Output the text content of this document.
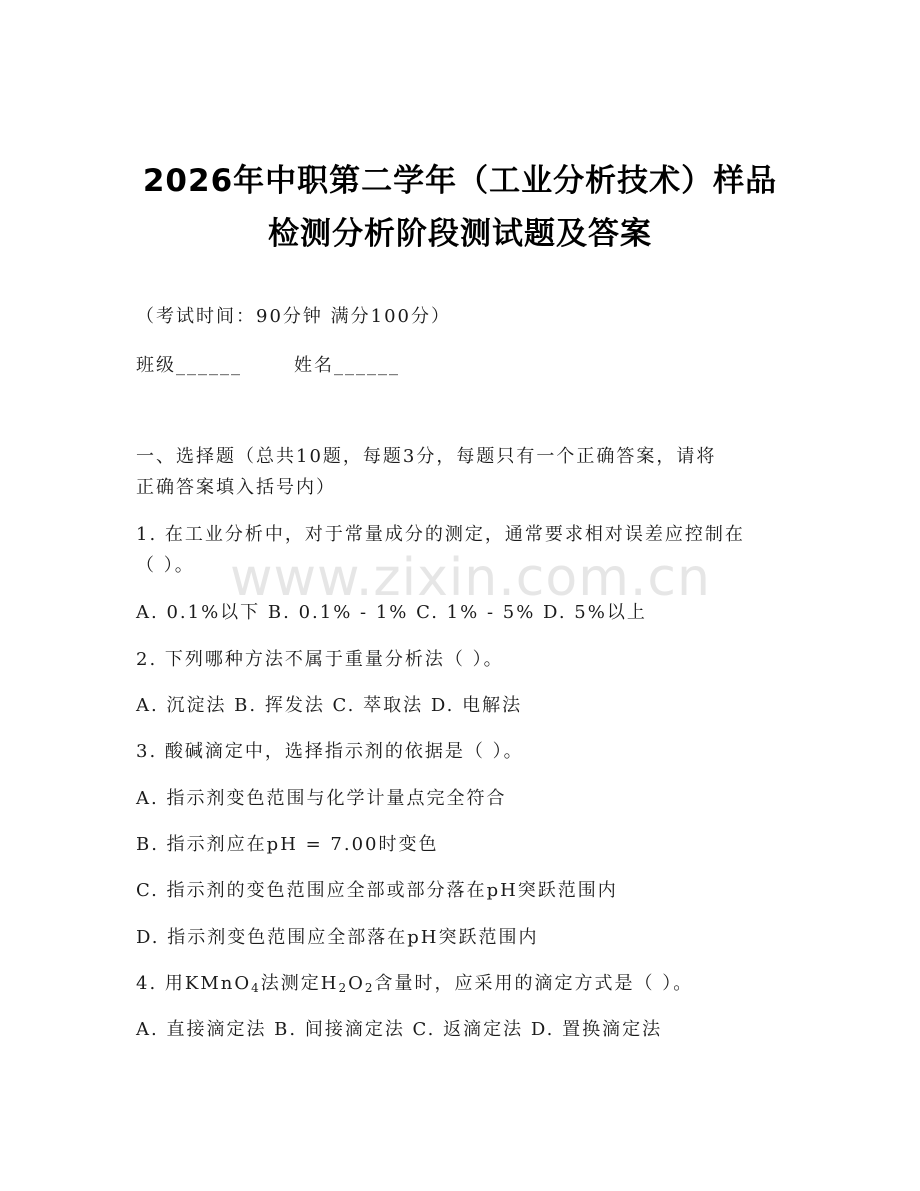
www.zixin.com.cn
2026年中职第二学年（工业分析技术）样品
检测分析阶段测试题及答案
（考试时间：90分钟 满分100分）
班级______	姓名______
一、选择题（总共10题，每题3分，每题只有一个正确答案，请将
正确答案填入括号内）
1. 在工业分析中，对于常量成分的测定，通常要求相对误差应控制在
（ ）。
A. 0.1%以下 B. 0.1% - 1% C. 1% - 5% D. 5%以上
2. 下列哪种方法不属于重量分析法（ ）。
A. 沉淀法 B. 挥发法 C. 萃取法 D. 电解法
3. 酸碱滴定中，选择指示剂的依据是（ ）。
A. 指示剂变色范围与化学计量点完全符合
B. 指示剂应在pH = 7.00时变色
C. 指示剂的变色范围应全部或部分落在pH突跃范围内
D. 指示剂变色范围应全部落在pH突跃范围内
4. 用KMnO$_4$法测定$H_2O_2$含量时，应采用的滴定方式是（ ）。
A. 直接滴定法 B. 间接滴定法 C. 返滴定法 D. 置换滴定法
